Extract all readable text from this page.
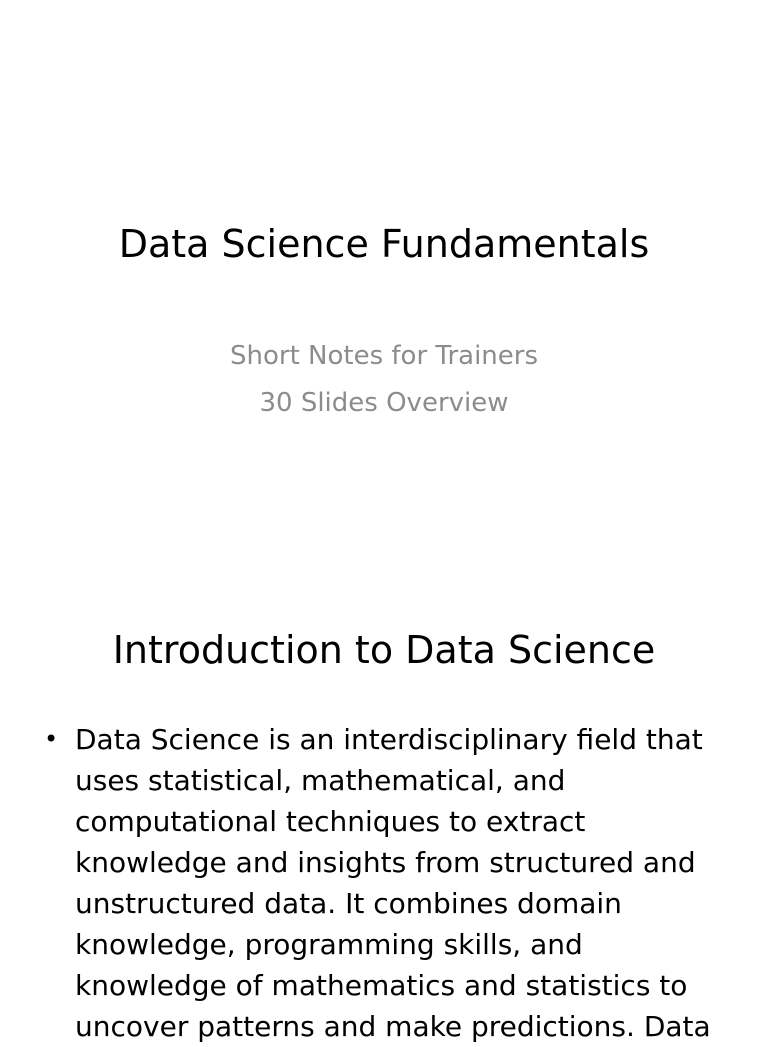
Data Science Fundamentals
Short Notes for Trainers
30 Slides Overview
Introduction to Data Science
• Data Science is an interdisciplinary field that uses statistical, mathematical, and computational techniques to extract knowledge and insights from structured and unstructured data. It combines domain knowledge, programming skills, and knowledge of mathematics and statistics to uncover patterns and make predictions. Data
